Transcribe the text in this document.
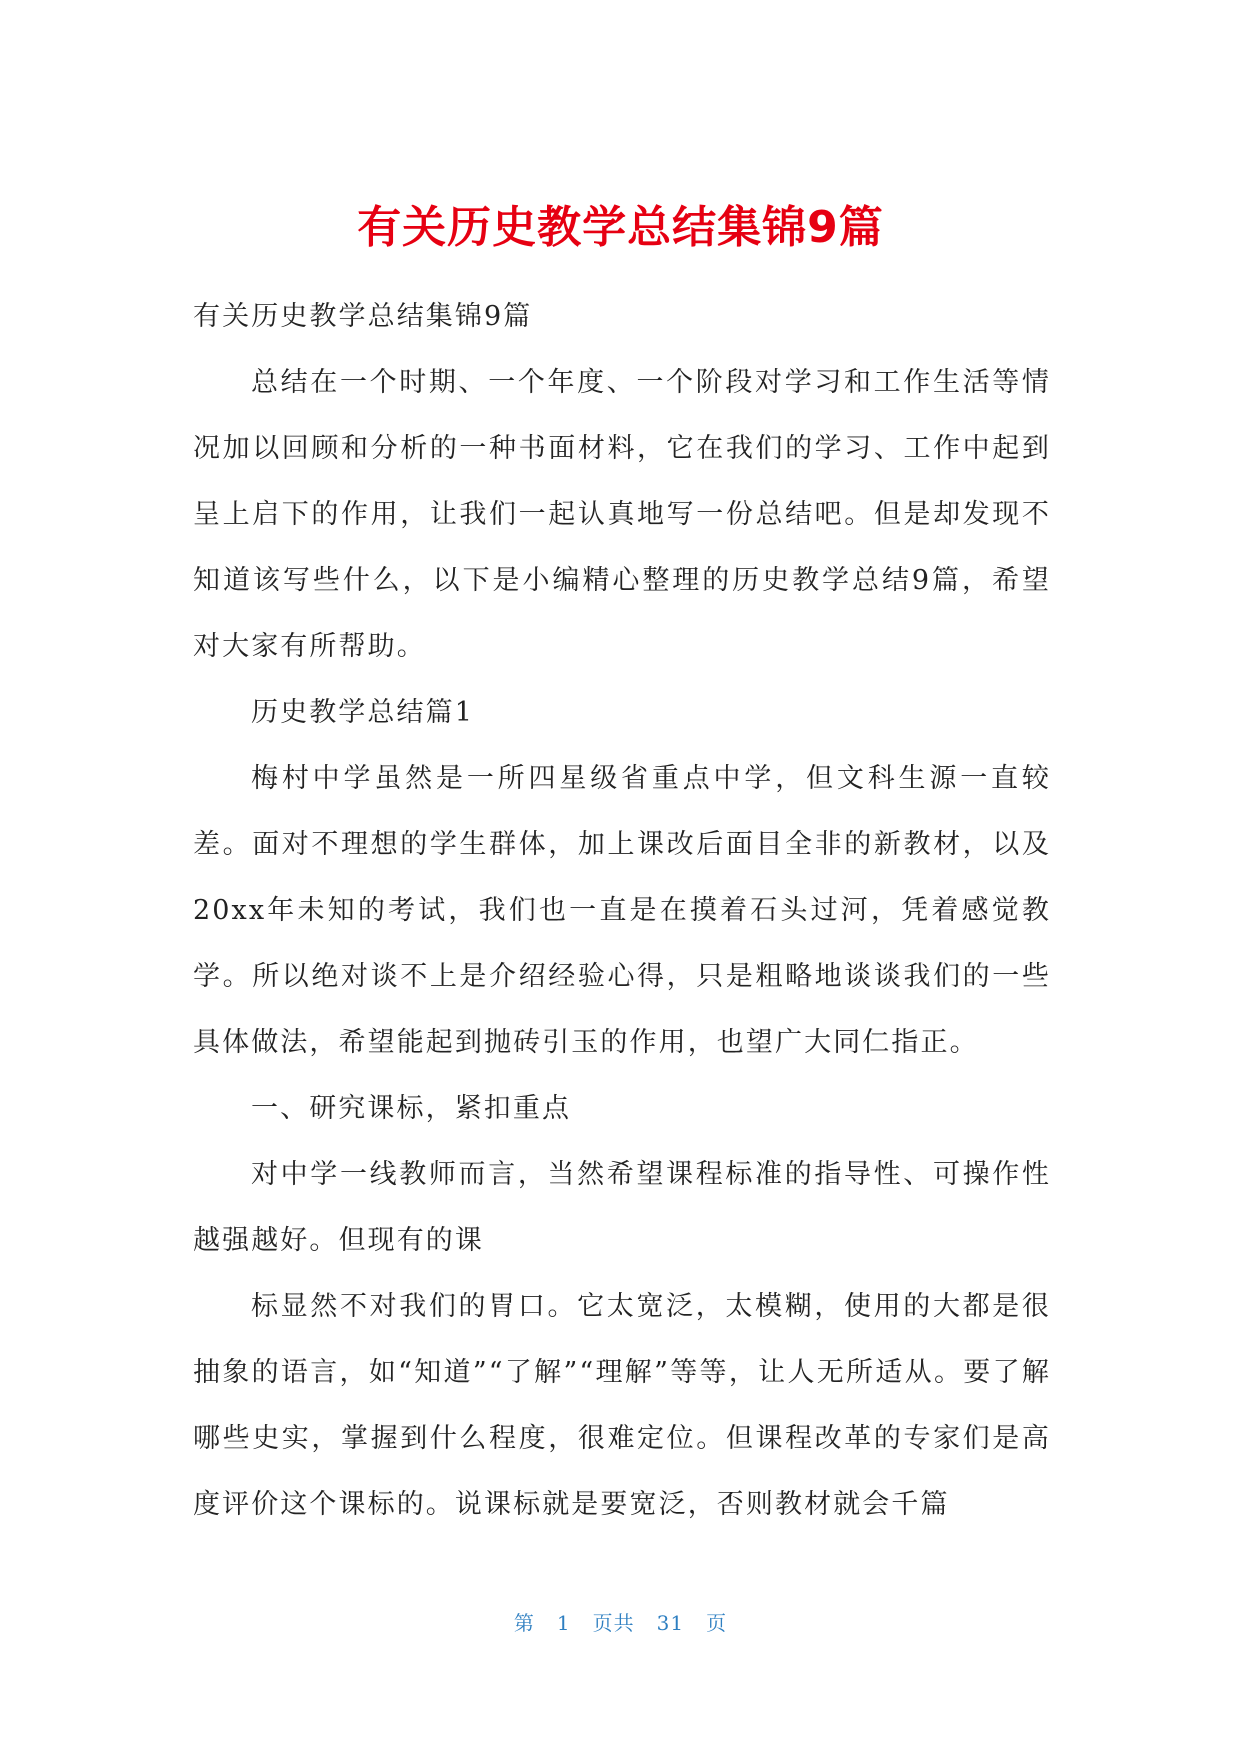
有关历史教学总结集锦9篇

有关历史教学总结集锦9篇

总结在一个时期、一个年度、一个阶段对学习和工作生活等情况加以回顾和分析的一种书面材料，它在我们的学习、工作中起到呈上启下的作用，让我们一起认真地写一份总结吧。但是却发现不知道该写些什么，以下是小编精心整理的历史教学总结9篇，希望对大家有所帮助。

历史教学总结篇1

梅村中学虽然是一所四星级省重点中学，但文科生源一直较差。面对不理想的学生群体，加上课改后面目全非的新教材，以及20xx年未知的考试，我们也一直是在摸着石头过河，凭着感觉教学。所以绝对谈不上是介绍经验心得，只是粗略地谈谈我们的一些具体做法，希望能起到抛砖引玉的作用，也望广大同仁指正。

一、研究课标，紧扣重点

对中学一线教师而言，当然希望课程标准的指导性、可操作性越强越好。但现有的课

标显然不对我们的胃口。它太宽泛，太模糊，使用的大都是很抽象的语言，如“知道”“了解”“理解”等等，让人无所适从。要了解哪些史实，掌握到什么程度，很难定位。但课程改革的专家们是高度评价这个课标的。说课标就是要宽泛，否则教材就会千篇

第 1 页共 31 页
